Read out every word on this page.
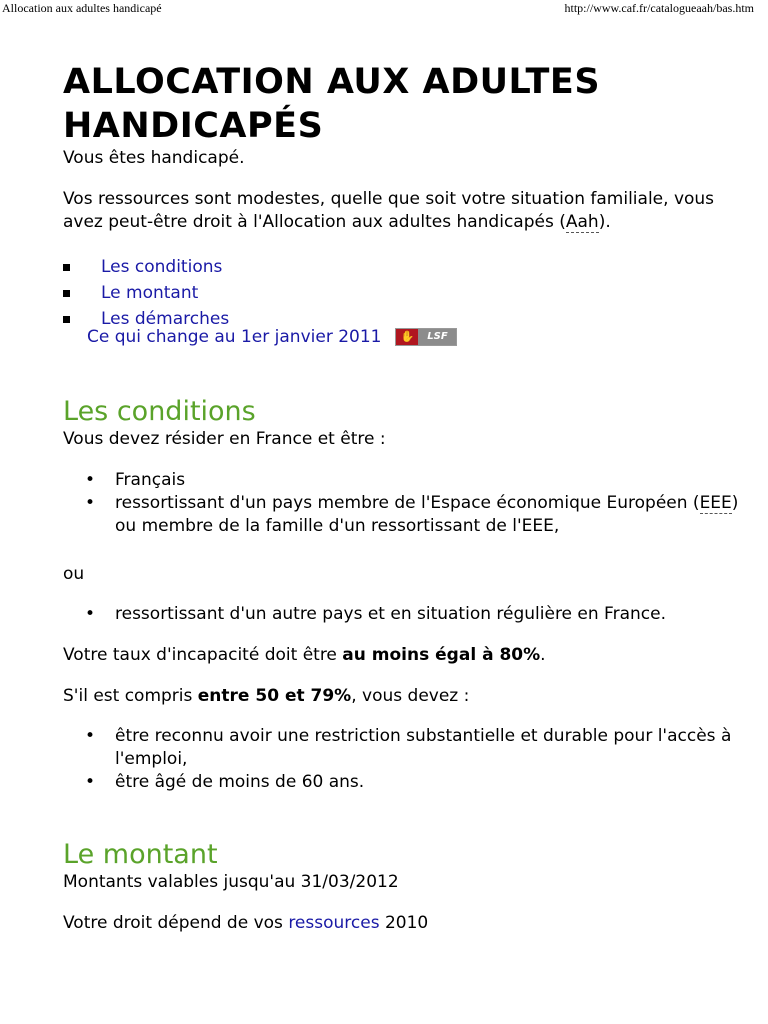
Allocation aux adultes handicapé	http://www.caf.fr/catalogueaah/bas.htm
ALLOCATION AUX ADULTES
HANDICAPÉS

Vous êtes handicapé.

Vos ressources sont modestes, quelle que soit votre situation familiale, vous avez peut-être droit à l'Allocation aux adultes handicapés (Aah).

Les conditions
Le montant
Les démarches
Ce qui change au 1er janvier 2011	✋	LSF
Les conditions

Vous devez résider en France et être :

• Français
• ressortissant d'un pays membre de l'Espace économique Européen (EEE) ou membre de la famille d'un ressortissant de l'EEE,

ou

• ressortissant d'un autre pays et en situation régulière en France.

Votre taux d'incapacité doit être au moins égal à 80%.

S'il est compris entre 50 et 79%, vous devez :

• être reconnu avoir une restriction substantielle et durable pour l'accès à l'emploi,
• être âgé de moins de 60 ans.
Le montant

Montants valables jusqu'au 31/03/2012

Votre droit dépend de vos ressources 2010
